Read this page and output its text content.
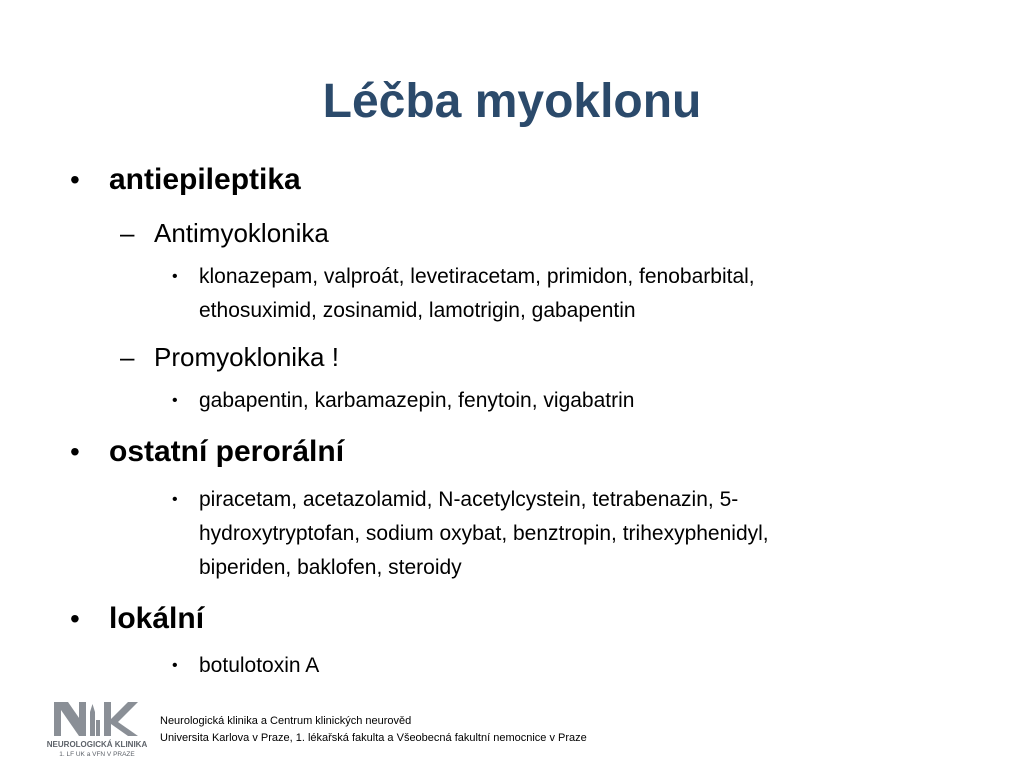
Léčba myoklonu
• antiepileptika
– Antimyoklonika
• klonazepam, valproát, levetiracetam, primidon, fenobarbital,
ethosuximid, zosinamid, lamotrigin, gabapentin
– Promyoklonika !
• gabapentin, karbamazepin, fenytoin, vigabatrin
• ostatní perorální
• piracetam, acetazolamid, N-acetylcystein, tetrabenazin, 5-
hydroxytryptofan, sodium oxybat, benztropin, trihexyphenidyl,
biperiden, baklofen, steroidy
• lokální
• botulotoxin A
NEUROLOGICKÁ KLINIKA
1. LF UK a VFN V PRAZE
Neurologická klinika a Centrum klinických neurověd
Universita Karlova v Praze, 1. lékařská fakulta a Všeobecná fakultní nemocnice v Praze
